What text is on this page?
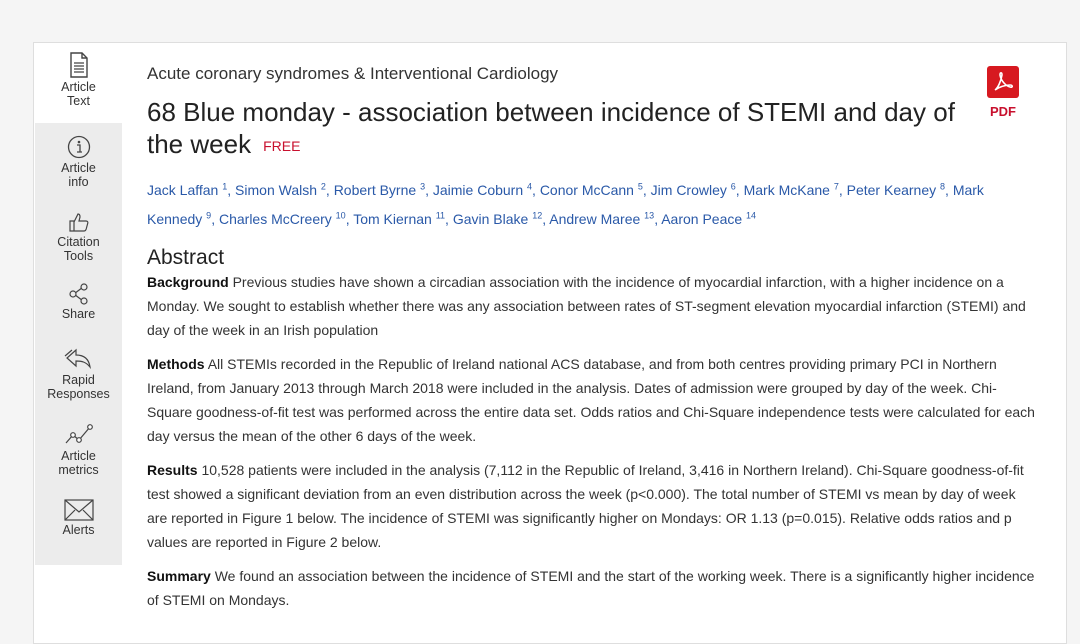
Article
Text
Article
info
Citation
Tools
Share
Rapid
Responses
Article
metrics
Alerts
PDF

Acute coronary syndromes & Interventional Cardiology

68 Blue monday - association between incidence of STEMI and day of the week FREE
Jack Laffan $^1$, Simon Walsh $^2$, Robert Byrne $^3$, Jaimie Coburn $^4$, Conor McCann $^5$, Jim Crowley $^6$, Mark McKane $^7$, Peter Kearney $^8$, Mark Kennedy $^9$, Charles McCreery $^{10}$, Tom Kiernan $^{11}$, Gavin Blake $^{12}$, Andrew Maree $^{13}$, Aaron Peace $^{14}$
Abstract

Background Previous studies have shown a circadian association with the incidence of myocardial infarction, with a higher incidence on a Monday. We sought to establish whether there was any association between rates of ST-segment elevation myocardial infarction (STEMI) and day of the week in an Irish population

Methods All STEMIs recorded in the Republic of Ireland national ACS database, and from both centres providing primary PCI in Northern Ireland, from January 2013 through March 2018 were included in the analysis. Dates of admission were grouped by day of the week. Chi-Square goodness-of-fit test was performed across the entire data set. Odds ratios and Chi-Square independence tests were calculated for each day versus the mean of the other 6 days of the week.

Results 10,528 patients were included in the analysis (7,112 in the Republic of Ireland, 3,416 in Northern Ireland). Chi-Square goodness-of-fit test showed a significant deviation from an even distribution across the week (p<0.000). The total number of STEMI vs mean by day of week are reported in Figure 1 below. The incidence of STEMI was significantly higher on Mondays: OR 1.13 (p=0.015). Relative odds ratios and p values are reported in Figure 2 below.

Summary We found an association between the incidence of STEMI and the start of the working week. There is a significantly higher incidence of STEMI on Mondays.
